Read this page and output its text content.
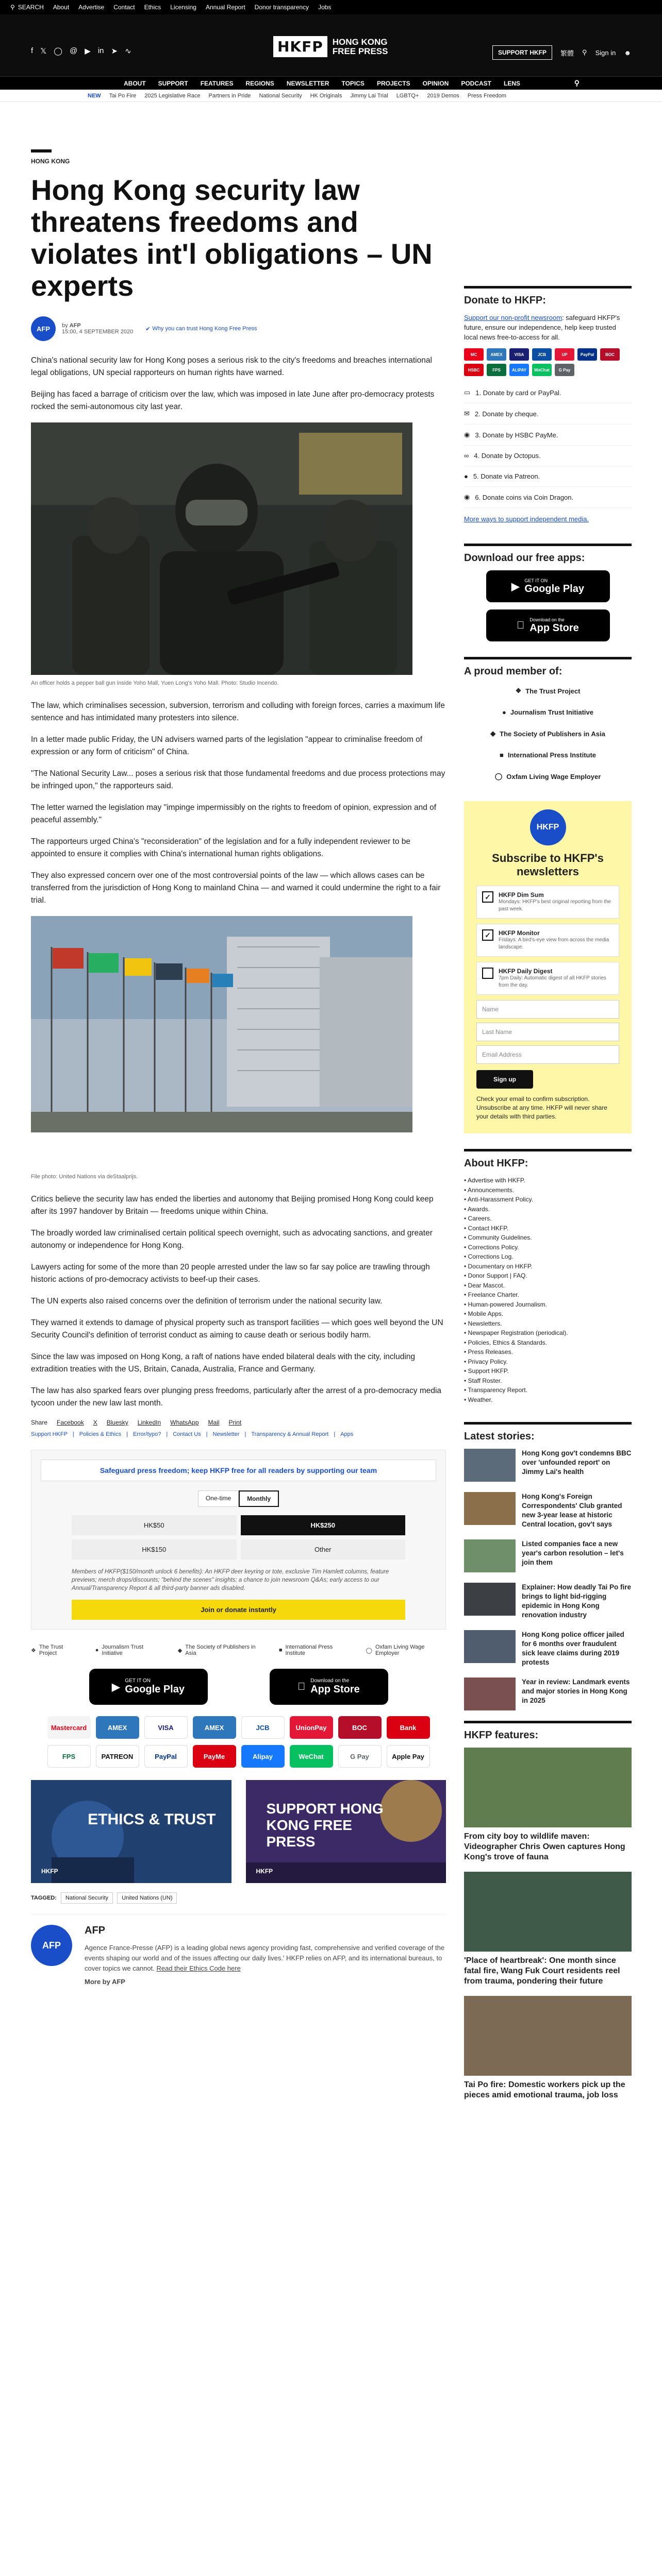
⚲ SEARCH About Advertise Contact Ethics Licensing Annual Report Donor transparency Jobs
f 𝕏 ◯ @ ▶ in ➤ ∿	HKFP	HONG KONG
FREE PRESS	SUPPORT HKFP	繁體 ⚲ Sign in ☻
ABOUT SUPPORT FEATURES REGIONS NEWSLETTER TOPICS PROJECTS OPINION PODCAST LENS	⚲
NEW Tai Po Fire 2025 Legislative Race Partners in Pride National Security HK Originals Jimmy Lai Trial LGBTQ+ 2019 Demos Press Freedom
HONG KONG
Hong Kong security law threatens freedoms and violates int'l obligations – UN experts
AFP	by AFP
15:00, 4 SEPTEMBER 2020 ✔ Why you can trust Hong Kong Free Press

China's national security law for Hong Kong poses a serious risk to the city's freedoms and breaches international legal obligations, UN special rapporteurs on human rights have warned.

Beijing has faced a barrage of criticism over the law, which was imposed in late June after pro-democracy protests rocked the semi-autonomous city last year.

An officer holds a pepper ball gun inside Yoho Mall, Yuen Long's Yoho Mall. Photo: Studio Incendo.

The law, which criminalises secession, subversion, terrorism and colluding with foreign forces, carries a maximum life sentence and has intimidated many protesters into silence.

In a letter made public Friday, the UN advisers warned parts of the legislation "appear to criminalise freedom of expression or any form of criticism" of China.

"The National Security Law... poses a serious risk that those fundamental freedoms and due process protections may be infringed upon," the rapporteurs said.

The letter warned the legislation may "impinge impermissibly on the rights to freedom of opinion, expression and of peaceful assembly."

The rapporteurs urged China's "reconsideration" of the legislation and for a fully independent reviewer to be appointed to ensure it complies with China's international human rights obligations.

They also expressed concern over one of the most controversial points of the law — which allows cases can be transferred from the jurisdiction of Hong Kong to mainland China — and warned it could undermine the right to a fair trial.

File photo: United Nations via deStaalprijs.

Critics believe the security law has ended the liberties and autonomy that Beijing promised Hong Kong could keep after its 1997 handover by Britain — freedoms unique within China.

The broadly worded law criminalised certain political speech overnight, such as advocating sanctions, and greater autonomy or independence for Hong Kong.

Lawyers acting for some of the more than 20 people arrested under the law so far say police are trawling through historic actions of pro-democracy activists to beef-up their cases.

The UN experts also raised concerns over the definition of terrorism under the national security law.

They warned it extends to damage of physical property such as transport facilities — which goes well beyond the UN Security Council's definition of terrorist conduct as aiming to cause death or serious bodily harm.

Since the law was imposed on Hong Kong, a raft of nations have ended bilateral deals with the city, including extradition treaties with the US, Britain, Canada, Australia, France and Germany.

The law has also sparked fears over plunging press freedoms, particularly after the arrest of a pro-democracy media tycoon under the new law last month.

Share Facebook X Bluesky LinkedIn WhatsApp Mail Print
Support HKFP | Policies & Ethics | Error/typo? | Contact Us | Newsletter | Transparency & Annual Report | Apps
Safeguard press freedom; keep HKFP free for all readers by supporting our team
One-time	Monthly
HK$50	HK$250
HK$150	Other
Members of HKFP($150/month unlock 6 benefits): An HKFP deer keyring or tote, exclusive Tim Hamlett columns, feature previews; merch drops/discounts; "behind the scenes" insights; a chance to join newsroom Q&As; early access to our Annual/Transparency Report & all third-party banner ads disabled.
Join or donate instantly
❖
The Trust Project	● Journalism Trust Initiative	◆
The Society of Publishers in Asia	■ International Press Institute	◯
Oxfam Living Wage Employer
▶
GET IT ON
Google Play
Download on the
App Store
Mastercard	AMEX	VISA	AMEX	JCB	UnionPay	BOC	Bank
FPS	PATREON	PayPal	PayMe	Alipay	WeChat	G Pay	Apple Pay
ETHICS & TRUST
HKFP
SUPPORT HONG KONG FREE PRESS
HKFP
TAGGED:	National Security	United Nations (UN)
AFP
AFP

Agence France-Presse (AFP) is a leading global news agency providing fast, comprehensive and verified coverage of the events shaping our world and of the issues affecting our daily lives.' HKFP relies on AFP, and its international bureaus, to cover topics we cannot. Read their Ethics Code here

More by AFP

Donate to HKFP:
Support our non-profit newsroom: safeguard HKFP's future, ensure our independence, help keep trusted local news free-to-access for all.
MC	AMEX	VISA	JCB	UP	PayPal	BOC
HSBC	FPS	ALIPAY	WeChat	G Pay
▭ 1. Donate by card or PayPal.
✉ 2. Donate by cheque.
◉ 3. Donate by HSBC PayMe.
∞ 4. Donate by Octopus.
● 5. Donate via Patreon.
◉ 6. Donate coins via Coin Dragon.
More ways to support independent media.
Download our free apps:
▶
GET IT ON
Google Play
Download on the
App Store
A proud member of:
❖ The Trust Project
● Journalism Trust Initiative
◆ The Society of Publishers in Asia
■ International Press Institute
◯ Oxfam Living Wage Employer
HKFP
Subscribe to HKFP's newsletters
✓	HKFP Dim Sum
Mondays: HKFP's best original reporting from the past week.
✓	HKFP Monitor
Fridays: A bird's-eye view from across the media landscape.
HKFP Daily Digest
7pm Daily: Automatic digest of all HKFP stories from the day.
Name
Last Name
Email Address
Sign up
Check your email to confirm subscription. Unsubscribe at any time. HKFP will never share your details with third parties.
About HKFP:
• Advertise with HKFP.
• Announcements.
• Anti-Harassment Policy.
• Awards.
• Careers.
• Contact HKFP.
• Community Guidelines.
• Corrections Policy.
• Corrections Log.
• Documentary on HKFP.
• Donor Support | FAQ.
• Dear Mascot.
• Freelance Charter.
• Human-powered Journalism.
• Mobile Apps.
• Newsletters.
• Newspaper Registration (periodical).
• Policies, Ethics & Standards.
• Press Releases.
• Privacy Policy.
• Support HKFP.
• Staff Roster.
• Transparency Report.
• Weather.
Latest stories:
Hong Kong gov't condemns BBC over 'unfounded report' on Jimmy Lai's health
Hong Kong's Foreign Correspondents' Club granted new 3-year lease at historic Central location, gov't says
Listed companies face a new year's carbon resolution – let's join them
Explainer: How deadly Tai Po fire brings to light bid-rigging epidemic in Hong Kong renovation industry
Hong Kong police officer jailed for 6 months over fraudulent sick leave claims during 2019 protests
Year in review: Landmark events and major stories in Hong Kong in 2025
HKFP features:
From city boy to wildlife maven: Videographer Chris Owen captures Hong Kong's trove of fauna
'Place of heartbreak': One month since fatal fire, Wang Fuk Court residents reel from trauma, pondering their future
Tai Po fire: Domestic workers pick up the pieces amid emotional trauma, job loss
